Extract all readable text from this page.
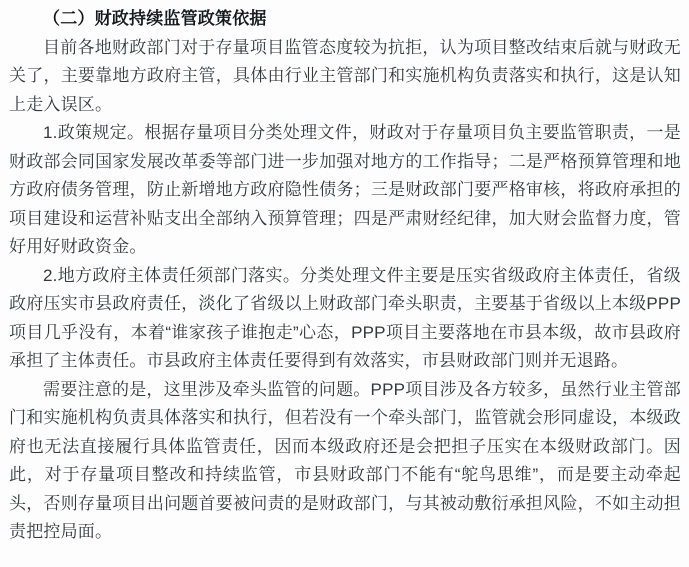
（二）财政持续监管政策依据

目前各地财政部门对于存量项目监管态度较为抗拒，认为项目整改结束后就与财政无关了，主要靠地方政府主管，具体由行业主管部门和实施机构负责落实和执行，这是认知上走入误区。

1.政策规定。根据存量项目分类处理文件，财政对于存量项目负主要监管职责，一是财政部会同国家发展改革委等部门进一步加强对地方的工作指导；二是严格预算管理和地方政府债务管理，防止新增地方政府隐性债务；三是财政部门要严格审核，将政府承担的项目建设和运营补贴支出全部纳入预算管理；四是严肃财经纪律，加大财会监督力度，管好用好财政资金。

2.地方政府主体责任须部门落实。分类处理文件主要是压实省级政府主体责任，省级政府压实市县政府责任，淡化了省级以上财政部门牵头职责，主要基于省级以上本级PPP项目几乎没有，本着“谁家孩子谁抱走”心态，PPP项目主要落地在市县本级，故市县政府承担了主体责任。市县政府主体责任要得到有效落实，市县财政部门则并无退路。

需要注意的是，这里涉及牵头监管的问题。PPP项目涉及各方较多，虽然行业主管部门和实施机构负责具体落实和执行，但若没有一个牵头部门，监管就会形同虚设，本级政府也无法直接履行具体监管责任，因而本级政府还是会把担子压实在本级财政部门。因此，对于存量项目整改和持续监管，市县财政部门不能有“鸵鸟思维”，而是要主动牵起头，否则存量项目出问题首要被问责的是财政部门，与其被动敷衍承担风险，不如主动担责把控局面。
